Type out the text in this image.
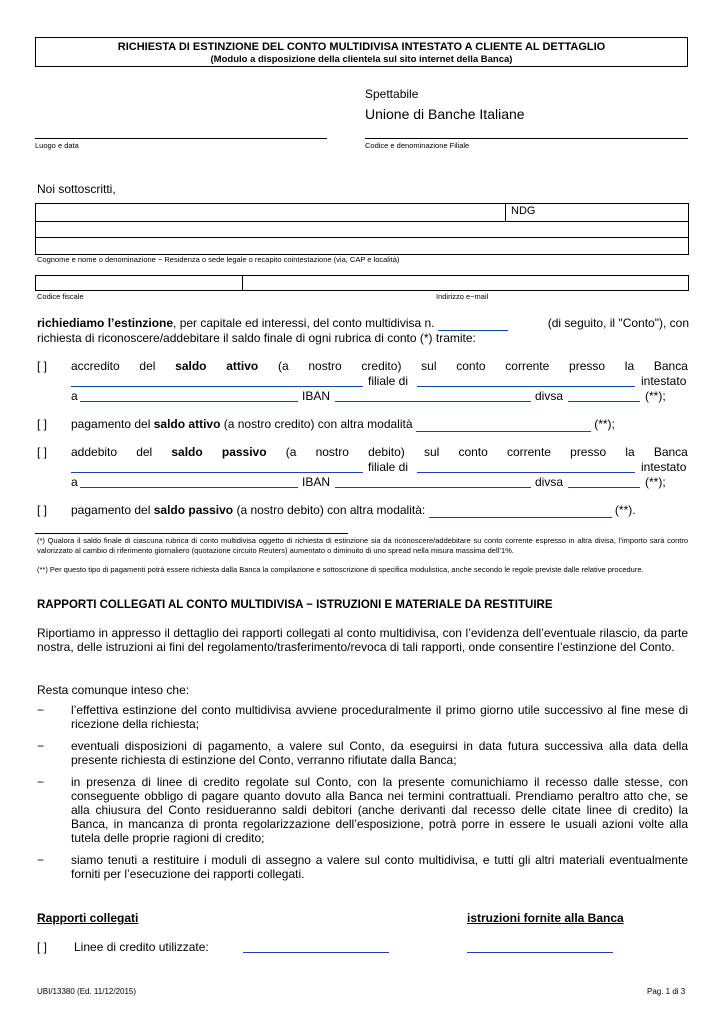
RICHIESTA DI ESTINZIONE DEL CONTO MULTIDIVISA INTESTATO A CLIENTE AL DETTAGLIO
(Modulo a disposizione della clientela sul sito internet della Banca)
Spettabile
Unione di Banche Italiane
Luogo e data	Codice e denominazione Filiale
Noi sottoscritti,
NDG
Cognome e nome o denominazione − Residenza o sede legale o recapito cointestazione (via, CAP e località)
Codice fiscale	Indirizzo e−mail
richiediamo l’estinzione, per capitale ed interessi, del conto multidivisa n.	(di seguito, il "Conto"), con
richiesta di riconoscere/addebitare il saldo finale di ogni rubrica di conto (*) tramite:
[ ] accredito del saldo attivo (a nostro credito) sul conto corrente presso la Banca
filiale di	intestato
a	IBAN	divsa	(**);
[ ] pagamento del saldo attivo (a nostro credito) con altra modalità	(**);
[ ] addebito del saldo passivo (a nostro debito) sul conto corrente presso la Banca
filiale di	intestato
a	IBAN	divsa	(**);
[ ] pagamento del saldo passivo (a nostro debito) con altra modalità:	(**).
(*) Qualora il saldo finale di ciascuna rubrica di conto multidivisa oggetto di richiesta di estinzione sia da riconoscere/addebitare su conto corrente espresso in altra divisa, l’importo sarà contro valorizzato al cambio di riferimento giornaliero (quotazione circuito Reuters) aumentato o diminuito di uno spread nella misura massima dell’1%.
(**) Per questo tipo di pagamenti potrà essere richiesta dalla Banca la compilazione e sottoscrizione di specifica modulistica, anche secondo le regole previste dalle relative procedure.
RAPPORTI COLLEGATI AL CONTO MULTIDIVISA − ISTRUZIONI E MATERIALE DA RESTITUIRE
Riportiamo in appresso il dettaglio dei rapporti collegati al conto multidivisa, con l’evidenza dell’eventuale rilascio, da parte nostra, delle istruzioni ai fini del regolamento/trasferimento/revoca di tali rapporti, onde consentire l’estinzione del Conto.
Resta comunque inteso che:
−	l’effettiva estinzione del conto multidivisa avviene proceduralmente il primo giorno utile successivo al fine mese di ricezione della richiesta;
−	eventuali disposizioni di pagamento, a valere sul Conto, da eseguirsi in data futura successiva alla data della presente richiesta di estinzione del Conto, verranno rifiutate dalla Banca;
−	in presenza di linee di credito regolate sul Conto, con la presente comunichiamo il recesso dalle stesse, con conseguente obbligo di pagare quanto dovuto alla Banca nei termini contrattuali. Prendiamo peraltro atto che, se alla chiusura del Conto residueranno saldi debitori (anche derivanti dal recesso delle citate linee di credito) la Banca, in mancanza di pronta regolarizzazione dell’esposizione, potrà porre in essere le usuali azioni volte alla tutela delle proprie ragioni di credito;
−	siamo tenuti a restituire i moduli di assegno a valere sul conto multidivisa, e tutti gli altri materiali eventualmente forniti per l’esecuzione dei rapporti collegati.
Rapporti collegati	istruzioni fornite alla Banca
[ ] Linee di credito utilizzate:
UBI/13380 (Ed. 11/12/2015)	Pag. 1 di 3
